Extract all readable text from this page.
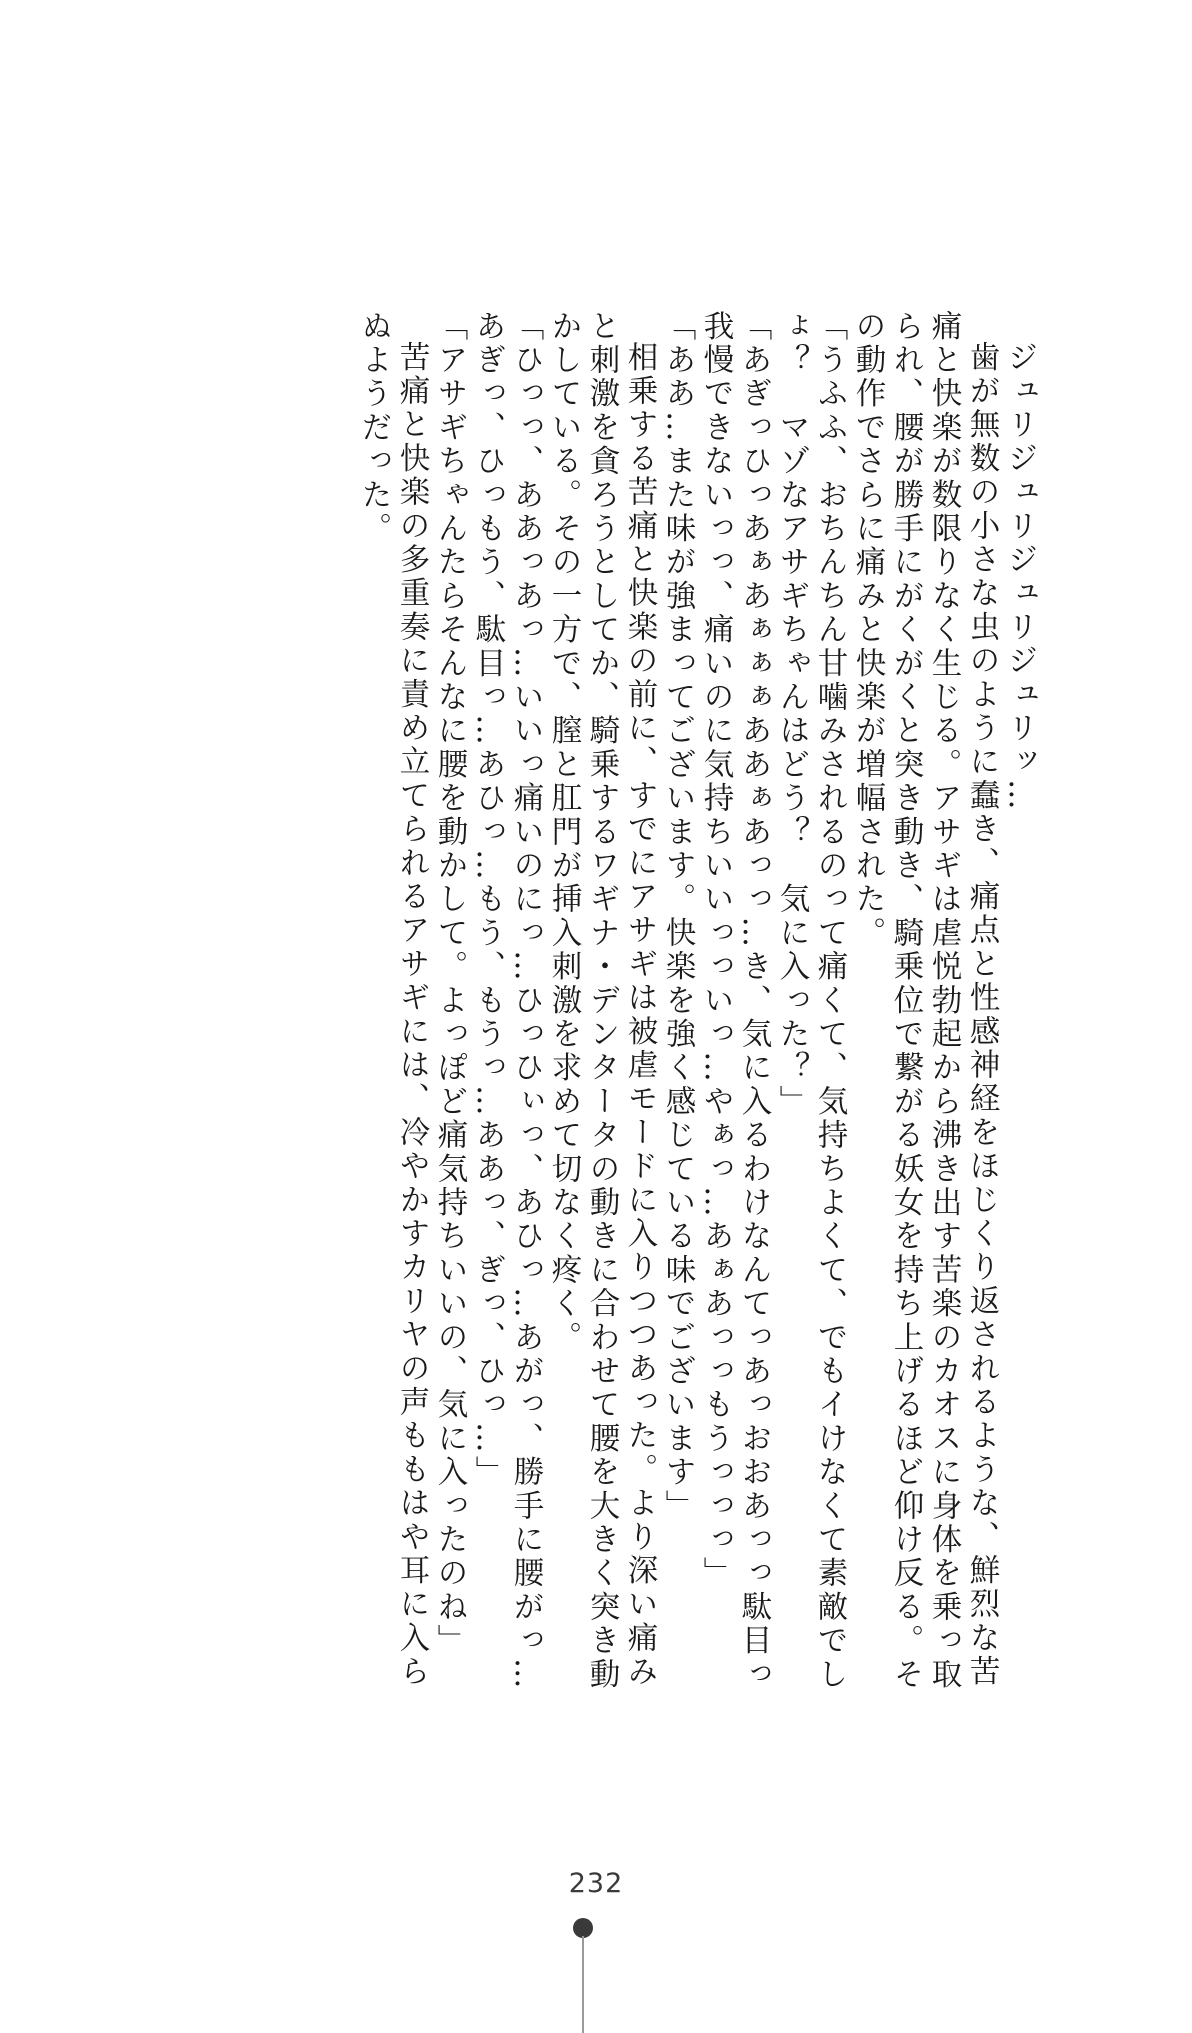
ジュリジュリジュリジュリッ…

歯が無数の小さな虫のように蠢き、痛点と性感神経をほじくり返されるような、鮮烈な苦痛と快楽が数限りなく生じる。アサギは虐悦勃起から沸き出す苦楽のカオスに身体を乗っ取られ、腰が勝手にがくがくと突き動き、騎乗位で繋がる妖女を持ち上げるほど仰け反る。その動作でさらに痛みと快楽が増幅された。

「うふふ、おちんちん甘噛みされるのって痛くて、気持ちよくて、でもイけなくて素敵でしょ？　マゾなアサギちゃんはどう？　気に入った？」

「あぎっひっあぁあぁぁぁああぁあっっ…き、気に入るわけなんてっあっおおあっっ駄目っ我慢できないっっ、痛いのに気持ちいいっっいっ…やぁっ…あぁあっっもうっっっ」

「ああ…また味が強まってございます。快楽を強く感じている味でございます」

相乗する苦痛と快楽の前に、すでにアサギは被虐モードに入りつつあった。より深い痛みと刺激を貪ろうとしてか、騎乗するワギナ・デンタータの動きに合わせて腰を大きく突き動かしている。その一方で、膣と肛門が挿入刺激を求めて切なく疼く。

「ひっっ、ああっあっ…いいっ痛いのにっ…ひっひぃっ、あひっ…あがっ、勝手に腰がっ…あぎっ、ひっもう、駄目っ…あひっ…もう、もうっ…ああっ、ぎっ、ひっ…」

「アサギちゃんたらそんなに腰を動かして。よっぽど痛気持ちいいの、気に入ったのね」

苦痛と快楽の多重奏に責め立てられるアサギには、冷やかすカリヤの声ももはや耳に入らぬようだった。

232
